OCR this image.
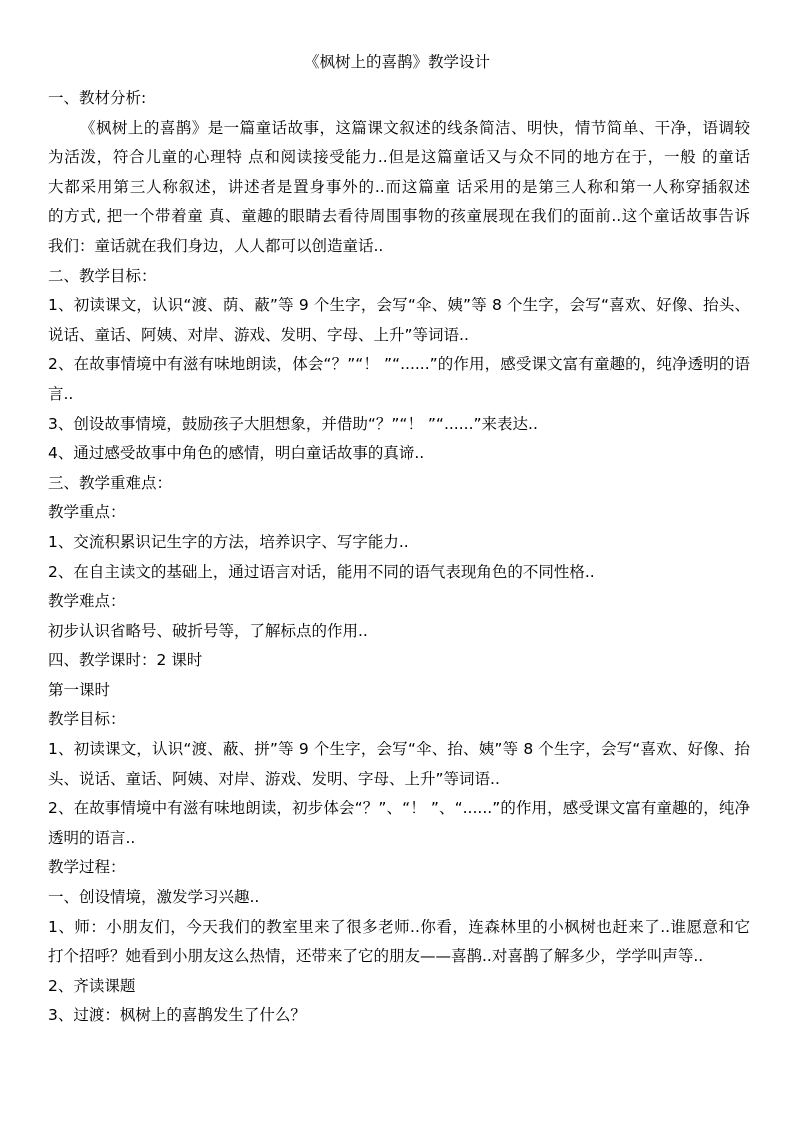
《枫树上的喜鹊》教学设计
一、教材分析:
《枫树上的喜鹊》是一篇童话故事，这篇课文叙述的线条简洁、明快，情节简单、干净，语调较
为活泼，符合儿童的心理特 点和阅读接受能力..但是这篇童话又与众不同的地方在于，一般 的童话
大都采用第三人称叙述，讲述者是置身事外的..而这篇童 话采用的是第三人称和第一人称穿插叙述
的方式, 把一个带着童 真、童趣的眼睛去看待周围事物的孩童展现在我们的面前..这个童话故事告诉
我们：童话就在我们身边，人人都可以创造童话..
二、教学目标：
1、初读课文，认识“渡、荫、蔽”等 9 个生字，会写“伞、姨”等 8 个生字，会写“喜欢、好像、抬头、
说话、童话、阿姨、对岸、游戏、发明、字母、上升”等词语..
2、在故事情境中有滋有味地朗读，体会“？”“！ ”“......”的作用，感受课文富有童趣的，纯净透明的语
言..
3、创设故事情境，鼓励孩子大胆想象，并借助“？”“！ ”“......”来表达..
4、通过感受故事中角色的感情，明白童话故事的真谛..
三、教学重难点：
教学重点：
1、交流积累识记生字的方法，培养识字、写字能力..
2、在自主读文的基础上，通过语言对话，能用不同的语气表现角色的不同性格..
教学难点：
初步认识省略号、破折号等，了解标点的作用..
四、教学课时：2 课时
第一课时
教学目标：
1、初读课文，认识“渡、蔽、拼”等 9 个生字，会写“伞、抬、姨”等 8 个生字，会写“喜欢、好像、抬
头、说话、童话、阿姨、对岸、游戏、发明、字母、上升”等词语..
2、在故事情境中有滋有味地朗读，初步体会“？”、“！ ”、“......”的作用，感受课文富有童趣的，纯净
透明的语言..
教学过程：
一、创设情境，激发学习兴趣..
1、师：小朋友们，今天我们的教室里来了很多老师..你看，连森林里的小枫树也赶来了..谁愿意和它
打个招呼？她看到小朋友这么热情，还带来了它的朋友——喜鹊..对喜鹊了解多少，学学叫声等..
2、齐读课题
3、过渡：枫树上的喜鹊发生了什么？
